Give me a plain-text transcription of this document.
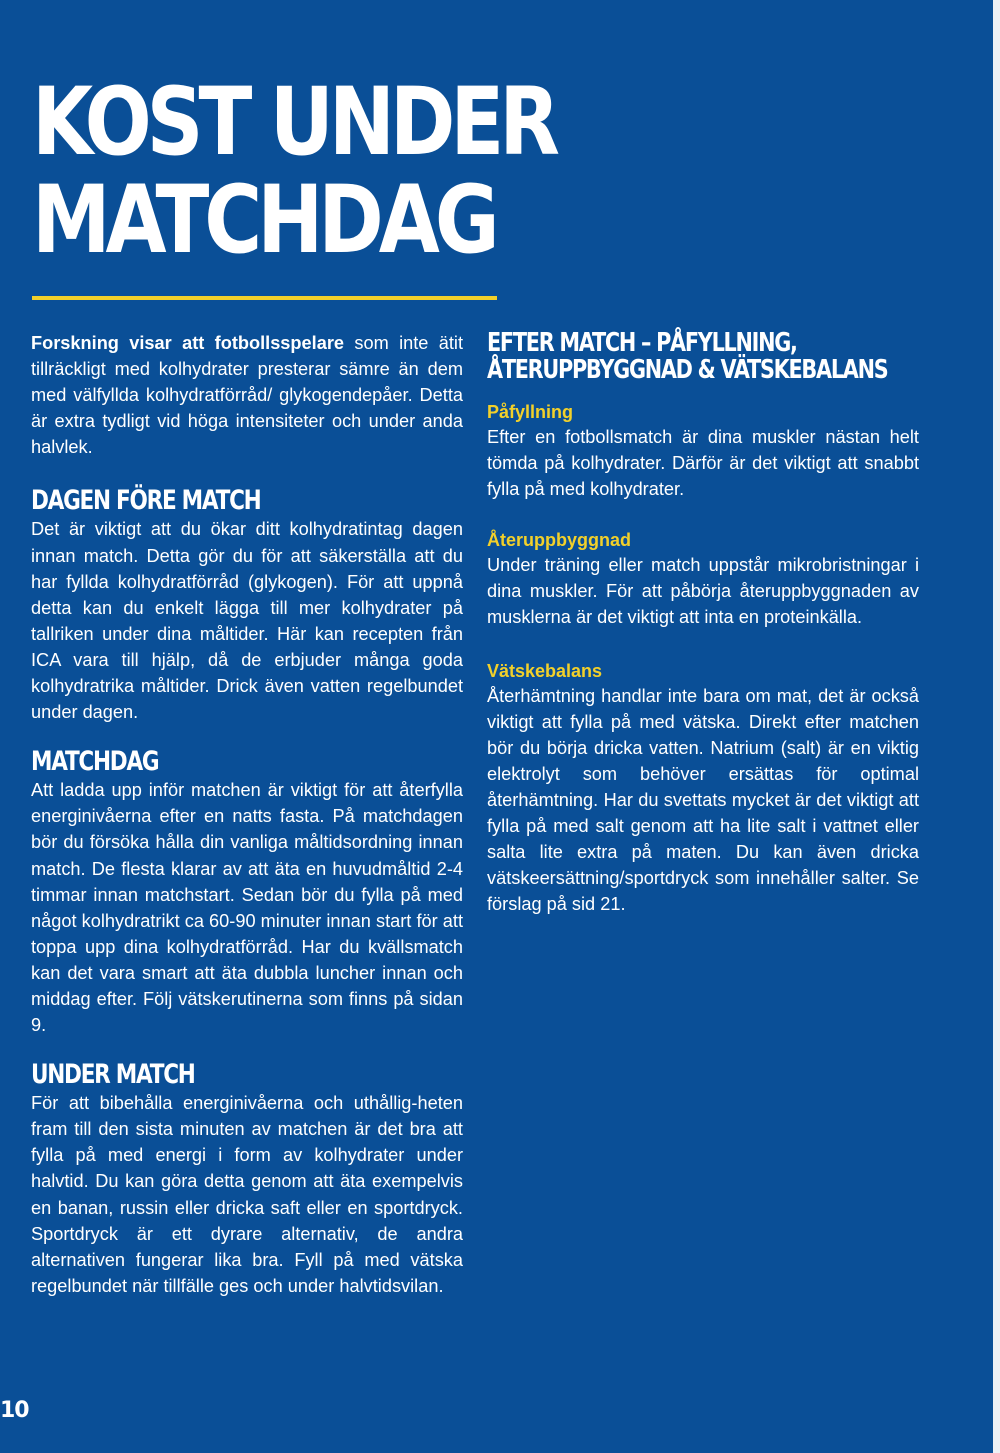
KOST UNDER
MATCHDAG

Forskning visar att fotbollsspelare som inte ätit tillräckligt med kolhydrater presterar sämre än dem med välfyllda kolhydratförråd/ glykogendepåer. Detta är extra tydligt vid höga intensiteter och under anda halvlek.

DAGEN FÖRE MATCH

Det är viktigt att du ökar ditt kolhydratintag dagen innan match. Detta gör du för att säkerställa att du har fyllda kolhydratförråd (glykogen). För att uppnå detta kan du enkelt lägga till mer kolhydrater på tallriken under dina måltider. Här kan recepten från ICA vara till hjälp, då de erbjuder många goda kolhydratrika måltider. Drick även vatten regelbundet under dagen.

MATCHDAG

Att ladda upp inför matchen är viktigt för att återfylla energinivåerna efter en natts fasta. På matchdagen bör du försöka hålla din vanliga måltidsordning innan match. De flesta klarar av att äta en huvudmåltid 2-4 timmar innan matchstart. Sedan bör du fylla på med något kolhydratrikt ca 60-90 minuter innan start för att toppa upp dina kolhydratförråd. Har du kvällsmatch kan det vara smart att äta dubbla luncher innan och middag efter. Följ vätskerutinerna som finns på sidan 9.

UNDER MATCH

För att bibehålla energinivåerna och uthållig-heten fram till den sista minuten av matchen är det bra att fylla på med energi i form av kolhydrater under halvtid. Du kan göra detta genom att äta exempelvis en banan, russin eller dricka saft eller en sportdryck. Sportdryck är ett dyrare alternativ, de andra alternativen fungerar lika bra. Fyll på med vätska regelbundet när tillfälle ges och under halvtidsvilan.

EFTER MATCH – PÅFYLLNING,
ÅTERUPPBYGGNAD & VÄTSKEBALANS
Påfyllning

Efter en fotbollsmatch är dina muskler nästan helt tömda på kolhydrater. Därför är det viktigt att snabbt fylla på med kolhydrater.

Återuppbyggnad

Under träning eller match uppstår mikrobristningar i dina muskler. För att påbörja återuppbyggnaden av musklerna är det viktigt att inta en proteinkälla.

Vätskebalans

Återhämtning handlar inte bara om mat, det är också viktigt att fylla på med vätska. Direkt efter matchen bör du börja dricka vatten. Natrium (salt) är en viktig elektrolyt som behöver ersättas för optimal återhämtning. Har du svettats mycket är det viktigt att fylla på med salt genom att ha lite salt i vattnet eller salta lite extra på maten. Du kan även dricka vätskeersättning/sportdryck som innehåller salter. Se förslag på sid 21.

10
